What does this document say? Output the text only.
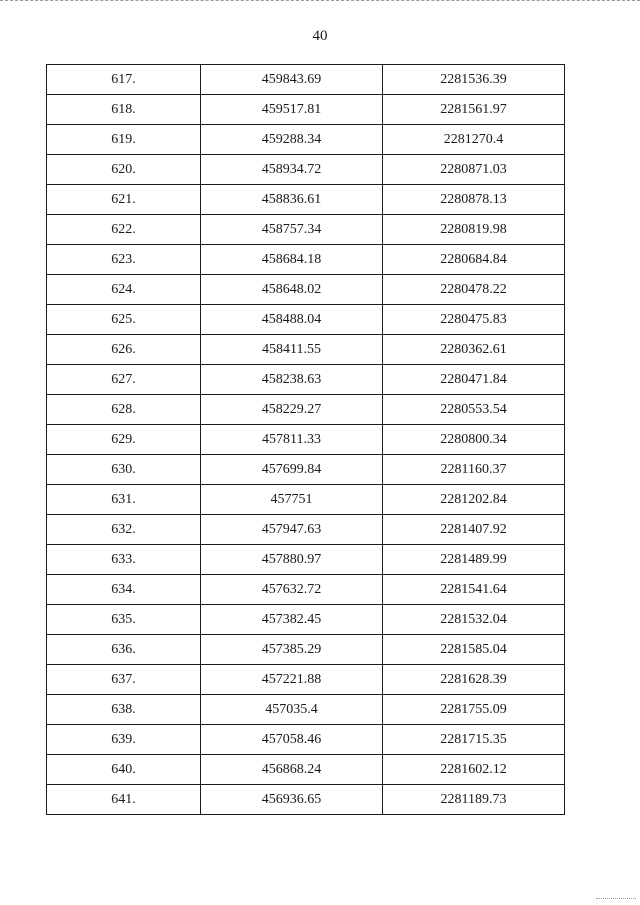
40
617.	459843.69	2281536.39
618.	459517.81	2281561.97
619.	459288.34	2281270.4
620.	458934.72	2280871.03
621.	458836.61	2280878.13
622.	458757.34	2280819.98
623.	458684.18	2280684.84
624.	458648.02	2280478.22
625.	458488.04	2280475.83
626.	458411.55	2280362.61
627.	458238.63	2280471.84
628.	458229.27	2280553.54
629.	457811.33	2280800.34
630.	457699.84	2281160.37
631.	457751	2281202.84
632.	457947.63	2281407.92
633.	457880.97	2281489.99
634.	457632.72	2281541.64
635.	457382.45	2281532.04
636.	457385.29	2281585.04
637.	457221.88	2281628.39
638.	457035.4	2281755.09
639.	457058.46	2281715.35
640.	456868.24	2281602.12
641.	456936.65	2281189.73
